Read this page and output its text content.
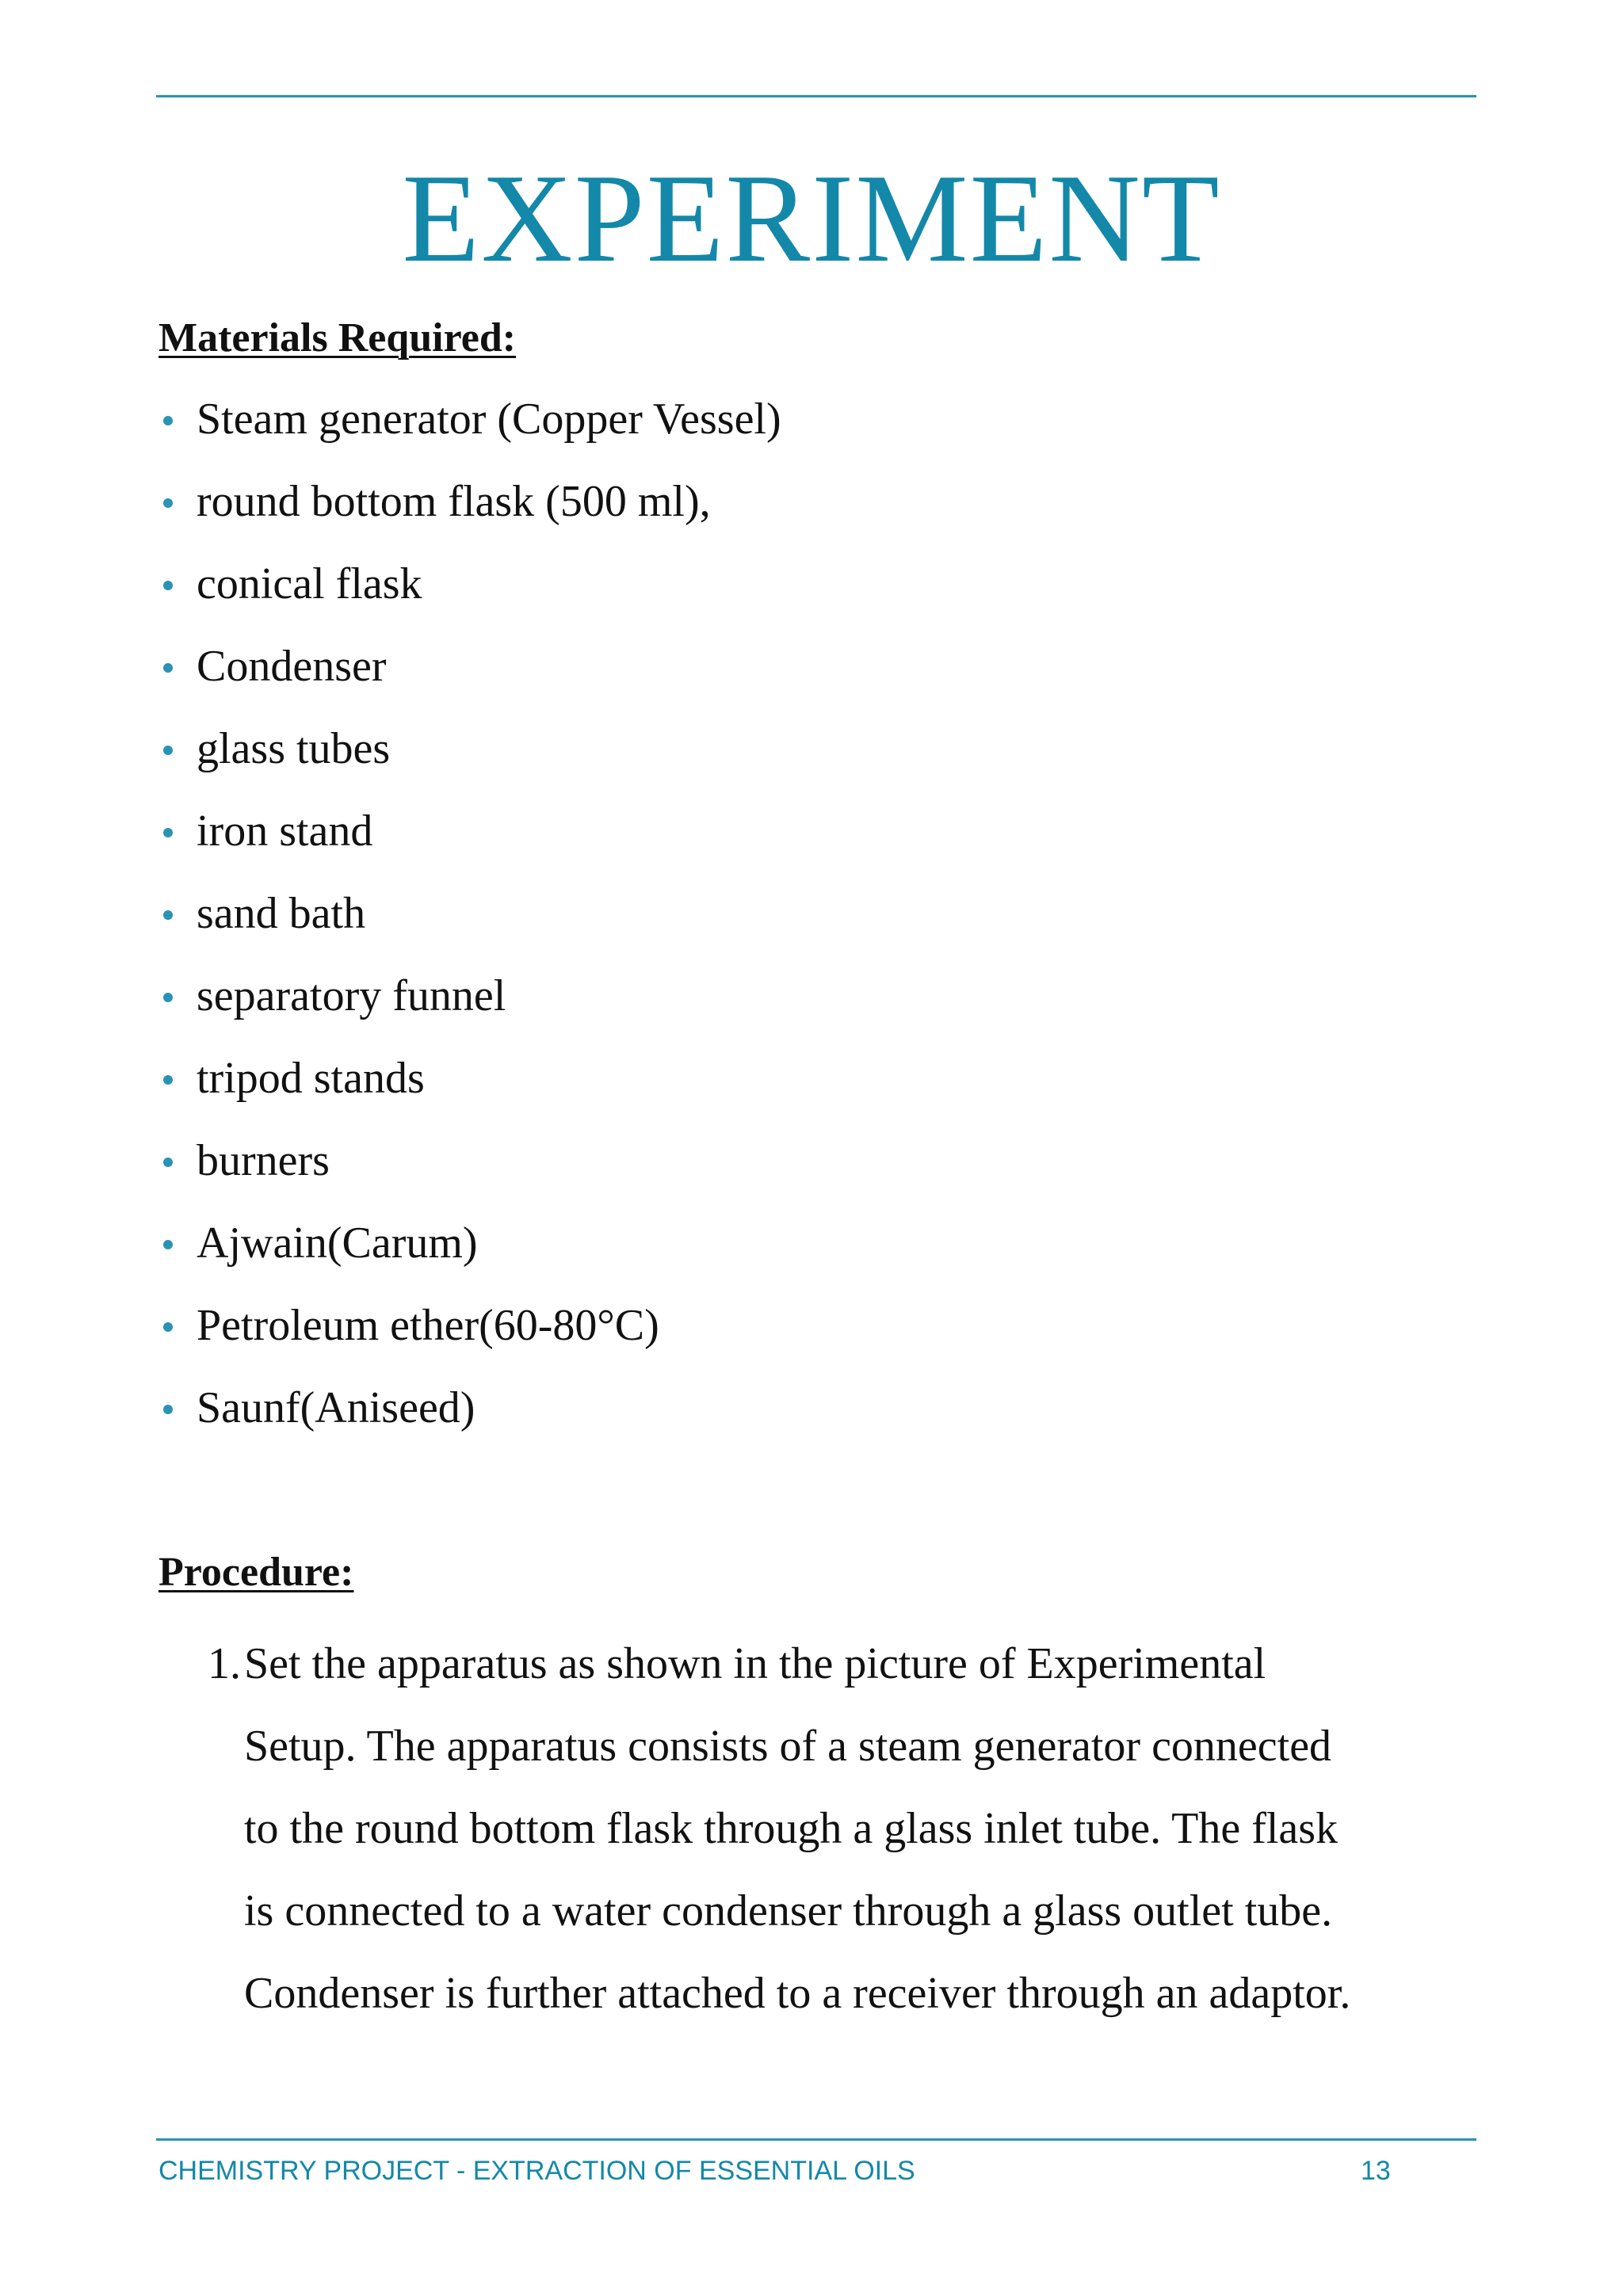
EXPERIMENT
Materials Required:
Steam generator (Copper Vessel)
round bottom flask (500 ml),
conical flask
Condenser
glass tubes
iron stand
sand bath
separatory funnel
tripod stands
burners
Ajwain(Carum)
Petroleum ether(60-80°C)
Saunf(Aniseed)
Procedure:
1. Set the apparatus as shown in the picture of Experimental
Setup. The apparatus consists of a steam generator connected
to the round bottom flask through a glass inlet tube. The flask
is connected to a water condenser through a glass outlet tube.
Condenser is further attached to a receiver through an adaptor.
CHEMISTRY PROJECT - EXTRACTION OF ESSENTIAL OILS	13
